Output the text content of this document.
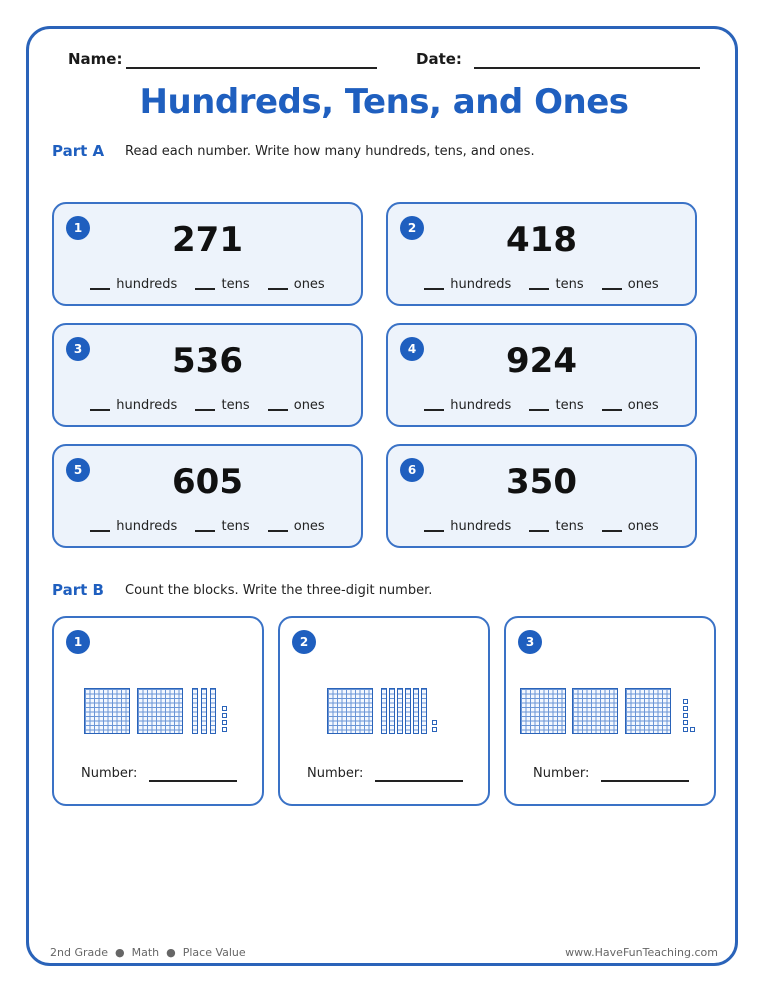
Name:	Date:
Hundreds, Tens, and Ones
Part A Read each number. Write how many hundreds, tens, and ones.
1	271
hundreds	tens	ones
2	418
hundreds	tens	ones
3	536
hundreds	tens	ones
4	924
hundreds	tens	ones
5	605
hundreds	tens	ones
6	350
hundreds	tens	ones
Part B Count the blocks. Write the three-digit number.
1
Number:
2
Number:
3
Number:
2nd Grade  ●  Math  ●  Place Value	www.HaveFunTeaching.com
